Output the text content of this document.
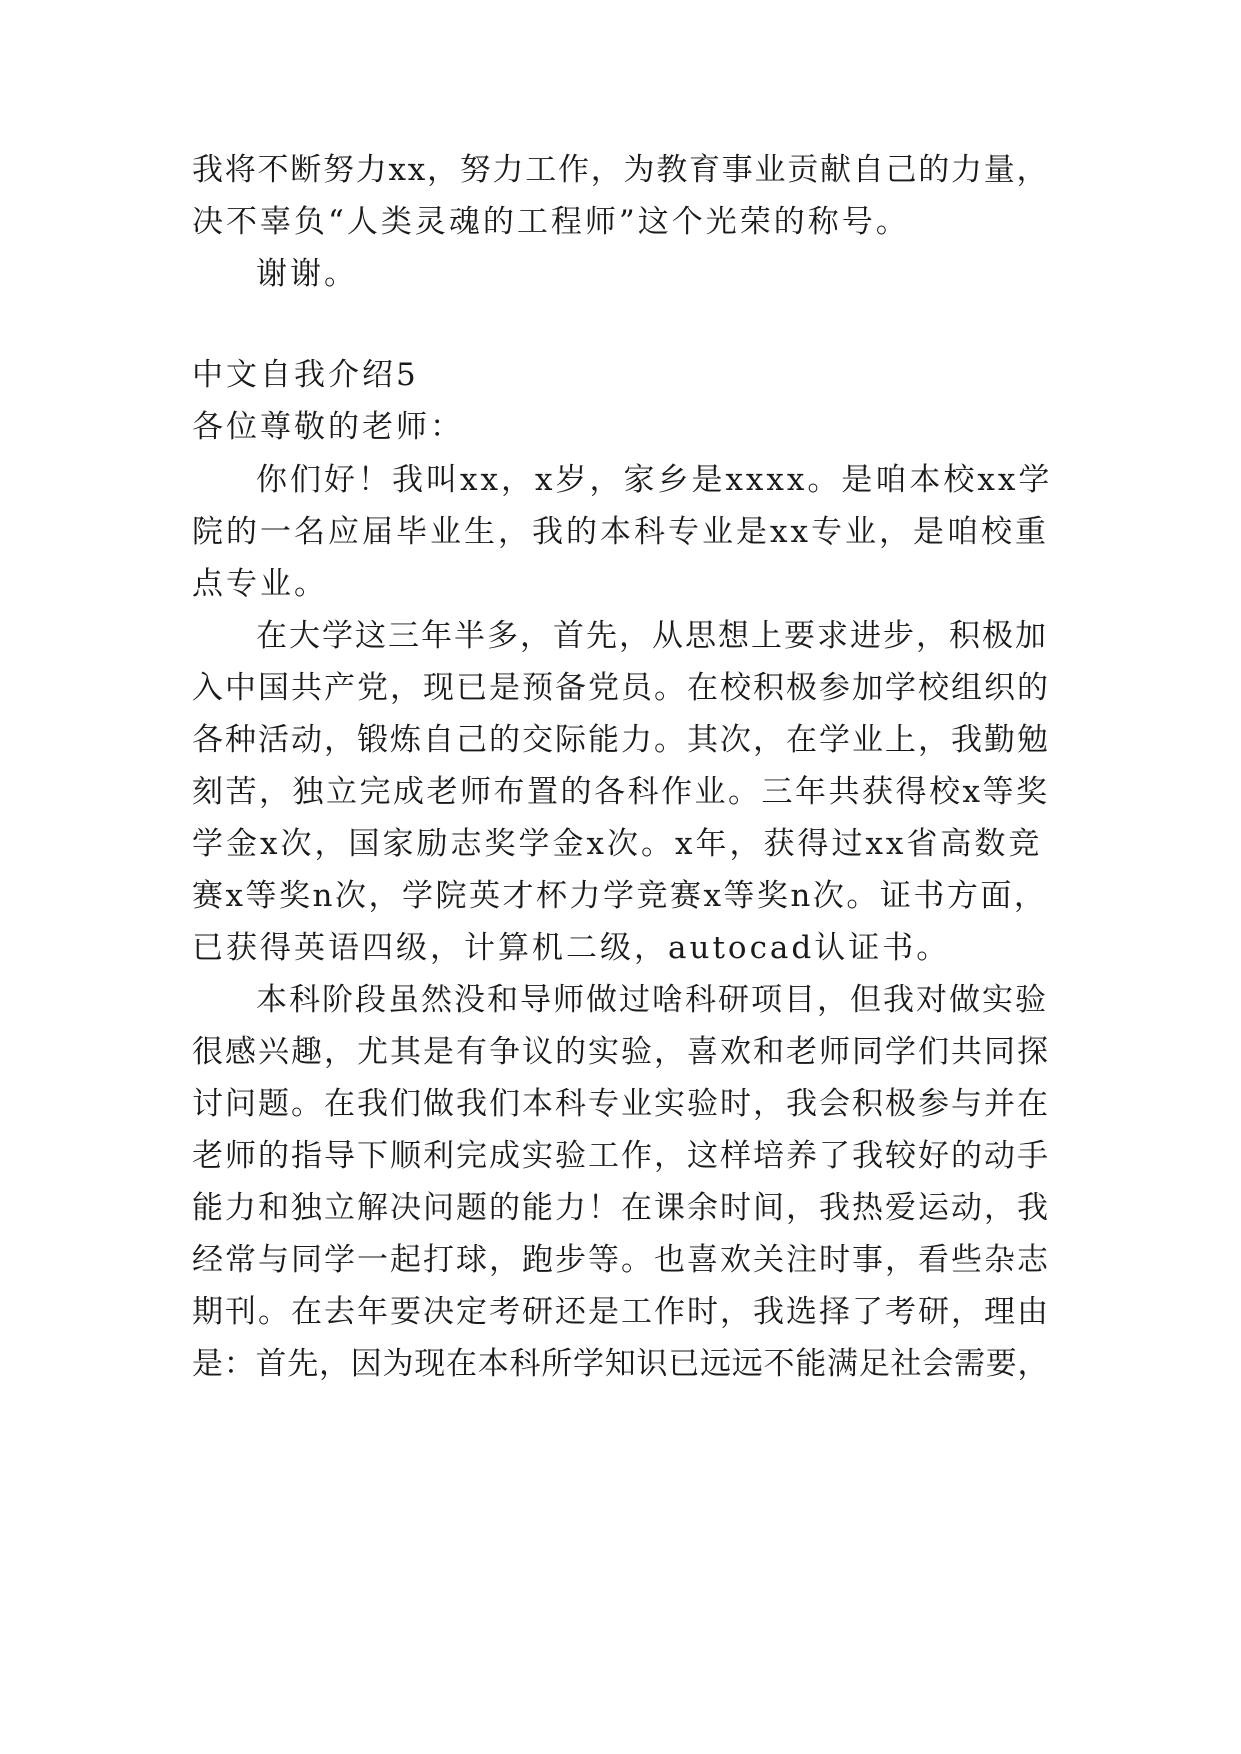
我将不断努力xx，努力工作，为教育事业贡献自己的力量，
决不辜负“人类灵魂的工程师”这个光荣的称号。
谢谢。
中文自我介绍5
各位尊敬的老师：
你们好！我叫xx，x岁，家乡是xxxx。是咱本校xx学
院的一名应届毕业生，我的本科专业是xx专业，是咱校重
点专业。
在大学这三年半多，首先，从思想上要求进步，积极加
入中国共产党，现已是预备党员。在校积极参加学校组织的
各种活动，锻炼自己的交际能力。其次，在学业上，我勤勉
刻苦，独立完成老师布置的各科作业。三年共获得校x等奖
学金x次，国家励志奖学金x次。x年，获得过xx省高数竞
赛x等奖n次，学院英才杯力学竞赛x等奖n次。证书方面，
已获得英语四级，计算机二级，autocad认证书。
本科阶段虽然没和导师做过啥科研项目，但我对做实验
很感兴趣，尤其是有争议的实验，喜欢和老师同学们共同探
讨问题。在我们做我们本科专业实验时，我会积极参与并在
老师的指导下顺利完成实验工作，这样培养了我较好的动手
能力和独立解决问题的能力！在课余时间，我热爱运动，我
经常与同学一起打球，跑步等。也喜欢关注时事，看些杂志
期刊。在去年要决定考研还是工作时，我选择了考研，理由
是：首先，因为现在本科所学知识已远远不能满足社会需要，
